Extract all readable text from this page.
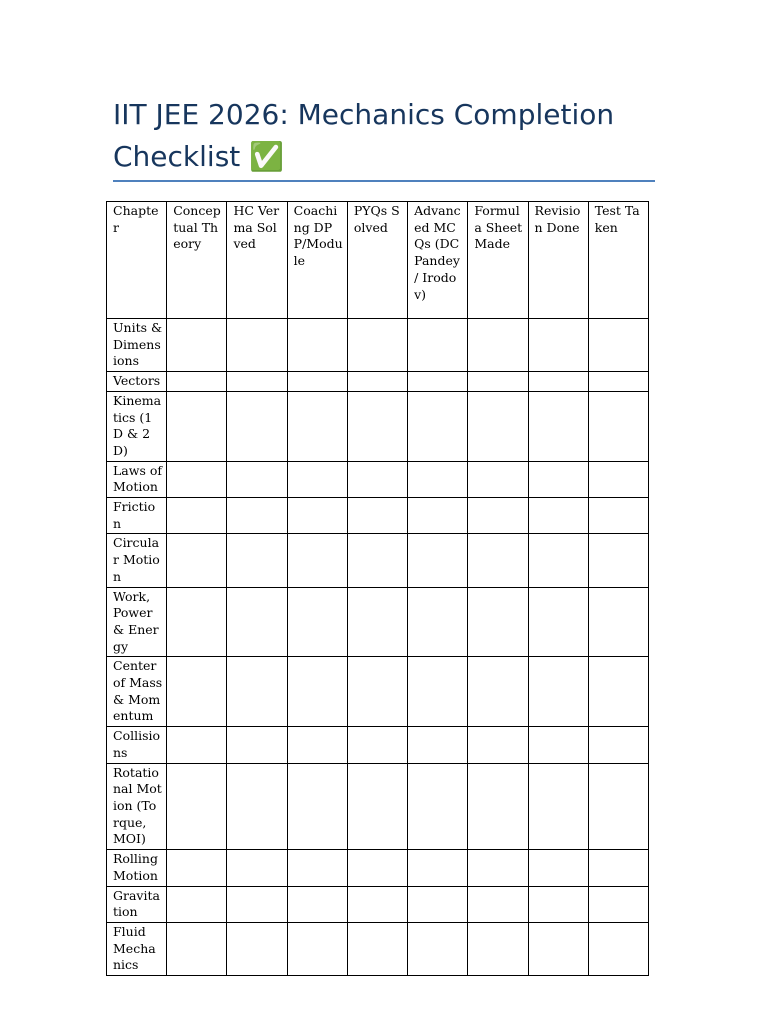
IIT JEE 2026: Mechanics Completion Checklist ✅
Chapter	Conceptual Theory	HC Verma Solved	Coaching DPP/Module	PYQs Solved	Advanced MCQs (DC Pandey / Irodov)	Formula Sheet Made	Revision Done	Test Taken
Units & Dimensions								
Vectors								
Kinematics (1D & 2D)								
Laws of Motion								
Friction								
Circular Motion								
Work, Power & Energy								
Center of Mass & Momentum								
Collisions								
Rotational Motion (Torque, MOI)								
Rolling Motion								
Gravitation								
Fluid Mechanics								
